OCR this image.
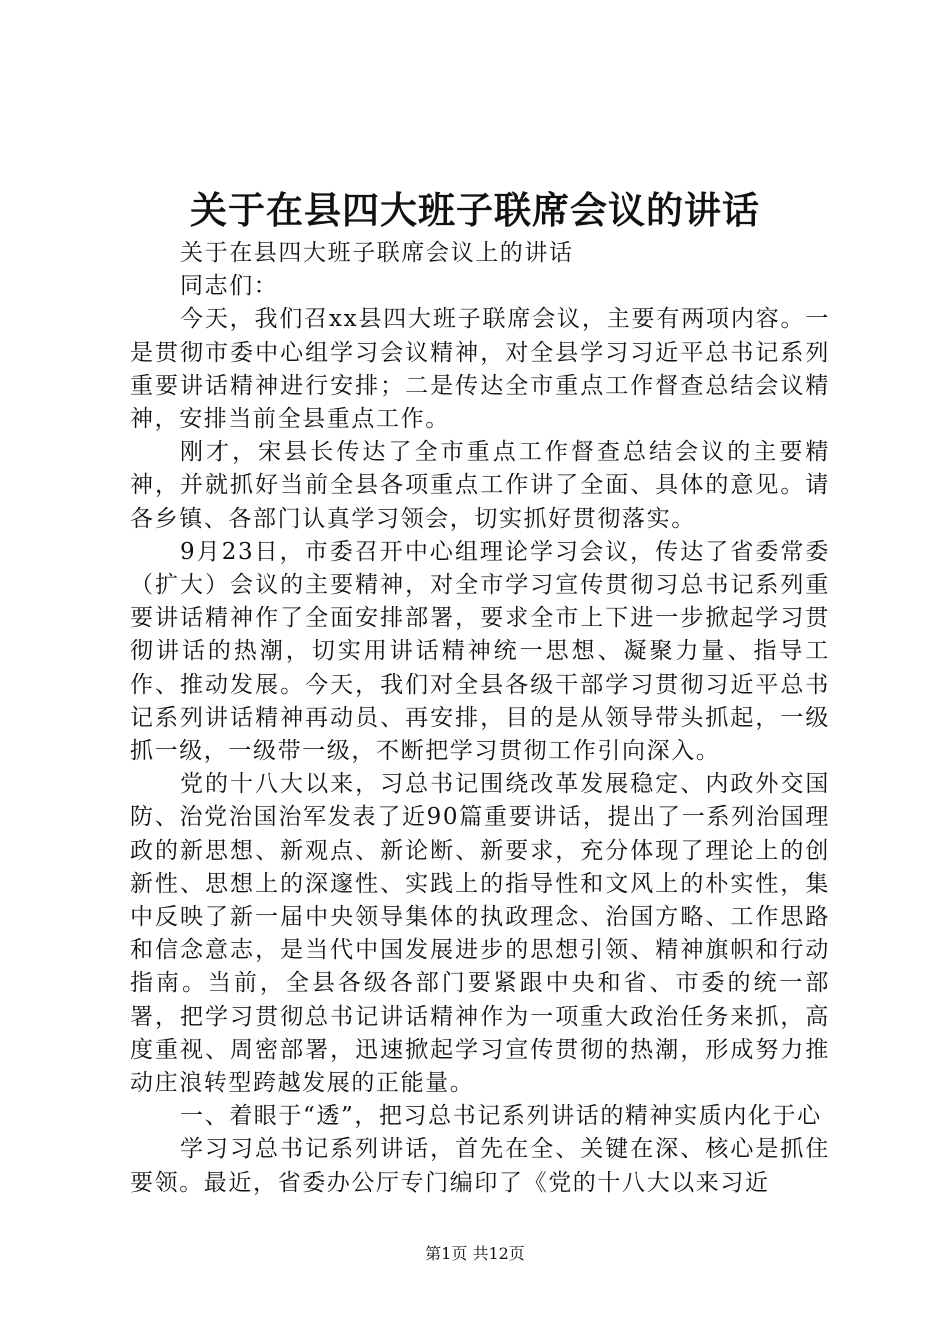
关于在县四大班子联席会议的讲话

关于在县四大班子联席会议上的讲话

同志们：

今天，我们召xx县四大班子联席会议，主要有两项内容。一是贯彻市委中心组学习会议精神，对全县学习习近平总书记系列重要讲话精神进行安排；二是传达全市重点工作督查总结会议精神，安排当前全县重点工作。

刚才，宋县长传达了全市重点工作督查总结会议的主要精神，并就抓好当前全县各项重点工作讲了全面、具体的意见。请各乡镇、各部门认真学习领会，切实抓好贯彻落实。

9月23日，市委召开中心组理论学习会议，传达了省委常委（扩大）会议的主要精神，对全市学习宣传贯彻习总书记系列重要讲话精神作了全面安排部署，要求全市上下进一步掀起学习贯彻讲话的热潮，切实用讲话精神统一思想、凝聚力量、指导工作、推动发展。今天，我们对全县各级干部学习贯彻习近平总书记系列讲话精神再动员、再安排，目的是从领导带头抓起，一级抓一级，一级带一级，不断把学习贯彻工作引向深入。

党的十八大以来，习总书记围绕改革发展稳定、内政外交国防、治党治国治军发表了近90篇重要讲话，提出了一系列治国理政的新思想、新观点、新论断、新要求，充分体现了理论上的创新性、思想上的深邃性、实践上的指导性和文风上的朴实性，集中反映了新一届中央领导集体的执政理念、治国方略、工作思路和信念意志，是当代中国发展进步的思想引领、精神旗帜和行动指南。当前，全县各级各部门要紧跟中央和省、市委的统一部署，把学习贯彻总书记讲话精神作为一项重大政治任务来抓，高度重视、周密部署，迅速掀起学习宣传贯彻的热潮，形成努力推动庄浪转型跨越发展的正能量。

一、着眼于“透”，把习总书记系列讲话的精神实质内化于心

学习习总书记系列讲话，首先在全、关键在深、核心是抓住要领。最近，省委办公厅专门编印了《党的十八大以来习近

第1页 共12页
